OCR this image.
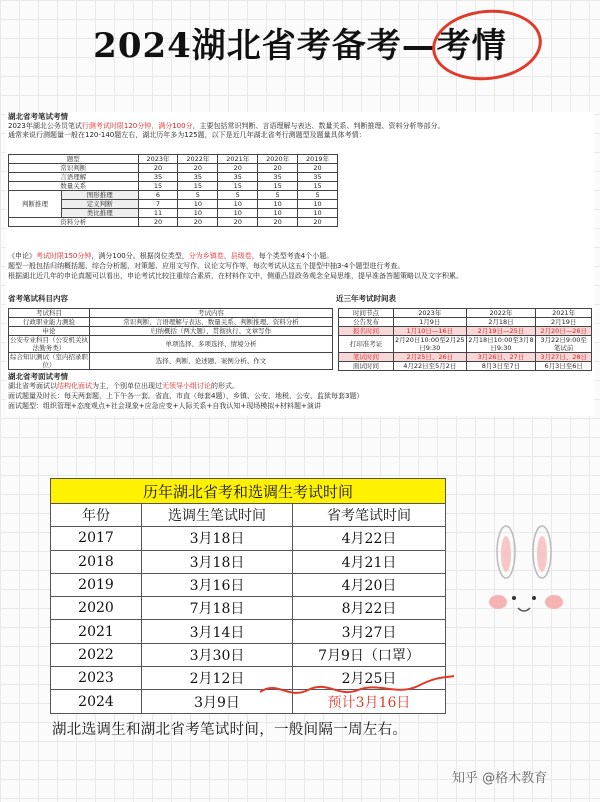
2024湖北省考备考—考情
湖北省考笔试考情
2023年湖北公务员笔试行测考试时限120分钟，满分100分，主要包括常识判断、言语理解与表达、数量关系、判断推理、资料分析等部分。
通常来说行测题量一般在120-140题左右，湖北历年多为125题，以下是近几年湖北省考行测题型及题量具体考情：
题型		2023年	2022年	2021年	2020年	2019年
常识判断		20	20	20	20	20
言语理解		35	35	35	35	35
数量关系		15	15	15	15	15
判断推理	图形推理	6	5	5	5	5
	定义判断	7	10	10	10	10
	类比推理	11	10	10	10	10
资料分析		20	20	20	20	20
《申论》考试时限150分钟，满分100分。根据岗位类型，分为乡镇卷、县级卷，每个类型考查4个小题。
题型一般包括归纳概括题、综合分析题、对策题、应用文写作、议论文写作等，每次考试从这五个提型中抽3-4个题型进行考查。
根据湖北近几年的申论真题可以看出，申论考试比较注重综合素质，在材料作文中，侧重凸显政务观念全局思维，提早准备答题策略以及文字积累。
省考笔试科目内容	近三年考试时间表
考试科目	考试内容
行政职业能力测验	常识判断、言语理解与表达、数量关系、判断推理、资料分析
申论	归纳概括（两大题）、贯彻执行、文章写作
公安专业科目（公安机关执法勤务类）	单项选择、多项选择、情境分析
综合知识测试（室内招录职位）	选择、判断、论述题、案例分析、作文
时间节点	2023年	2022年	2021年
公告发布	1月9日	2月18日	2月19日
报名时间	1月10日—16日	2月19日—25日	2月20日—26日
打印准考证	2月20日10:00至2月25日9:30	2月18日10:00至3月8日9:30	3月22日9:00至笔试前
笔试时间	2月25日、26日	3月26日、27日	3月27日、28日
面试时间	4月22日至5月2日	8月3日至7日	6月3日至6日
湖北省考面试考情
湖北省考面试以结构化面试为主，个别单位出现过无领导小组讨论的形式。
面试题量及时长：每天两套题，上下午各一套。省直、市直（每套4题），乡镇、公安、地税、公安、监狱每套3题）
面试题型：组织管理+态度观点+社会现象+应急应变+人际关系+自我认知+现场模拟+材料题+演讲
历年湖北省考和选调生考试时间		
年份	选调生笔试时间	省考笔试时间
2017	3月18日	4月22日
2018	3月18日	4月21日
2019	3月16日	4月20日
2020	7月18日	8月22日
2021	3月14日	3月27日
2022	3月30日	7月9日（口罩）
2023	2月12日	2月25日
2024	3月9日	预计3月16日
湖北选调生和湖北省考笔试时间，一般间隔一周左右。
知乎 @格木教育
